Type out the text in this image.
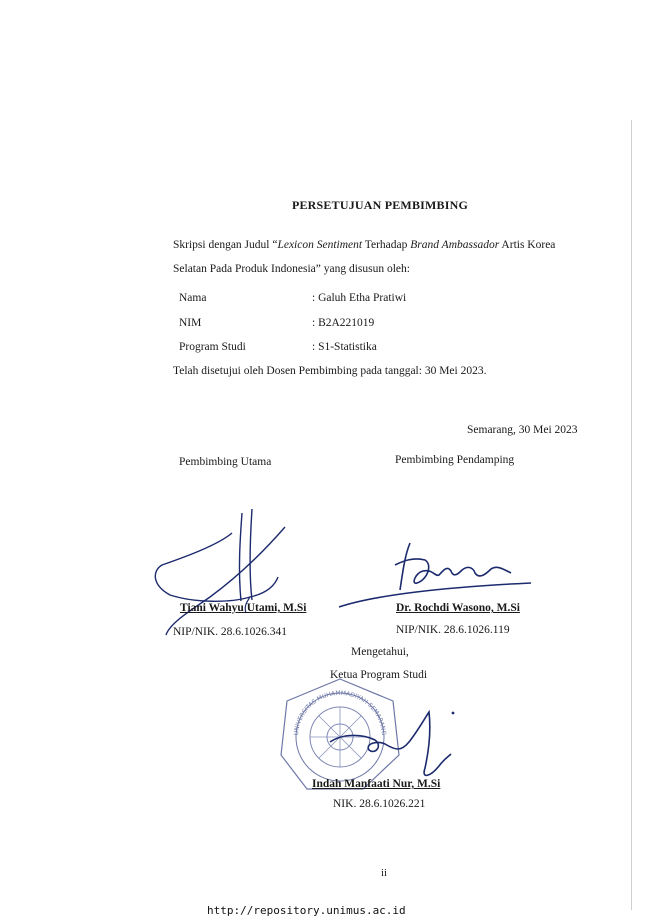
PERSETUJUAN PEMBIMBING
Skripsi dengan Judul “Lexicon Sentiment Terhadap Brand Ambassador Artis Korea
Selatan Pada Produk Indonesia” yang disusun oleh:
Nama	: Galuh Etha Pratiwi
NIM	: B2A221019
Program Studi	: S1-Statistika
Telah disetujui oleh Dosen Pembimbing pada tanggal: 30 Mei 2023.
Semarang, 30 Mei 2023
Pembimbing Utama	Pembimbing Pendamping
Tiani Wahyu Utami, M.Si
NIP/NIK. 28.6.1026.341
Dr. Rochdi Wasono, M.Si
NIP/NIK. 28.6.1026.119
Mengetahui,
Ketua Program Studi
UNIVERSITAS MUHAMMADIYAH SEMARANG
Indah Manfaati Nur, M.Si
NIK. 28.6.1026.221
ii
http://repository.unimus.ac.id
